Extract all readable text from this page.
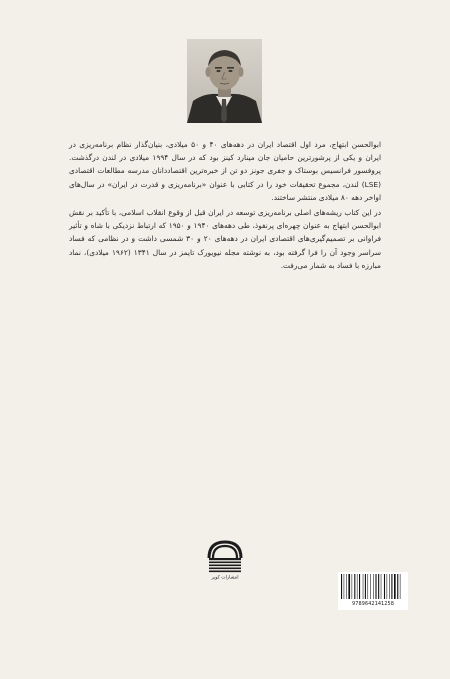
ابوالحسن ابتهاج، مرد اول اقتصاد ایران در دهه‌های ۴۰ و ۵۰ میلادی، بنیان‌گذار نظام برنامه‌ریزی در ایران و یکی از پرشورترین حامیان جان مینارد کینز بود که در سال ۱۹۹۴ میلادی در لندن درگذشت. پروفسور فرانسیس بوستاک و جفری جونز دو تن از خبره‌ترین اقتصاددانان مدرسه مطالعات اقتصادی (LSE) لندن، مجموع تحقیقات خود را در کتابی با عنوان «برنامه‌ریزی و قدرت در ایران» در سال‌های اواخر دهه ۸۰ میلادی منتشر ساختند.

در این کتاب ریشه‌های اصلی برنامه‌ریزی توسعه در ایران قبل از وقوع انقلاب اسلامی، با تأکید بر نقش ابوالحسن ابتهاج به عنوان چهره‌ای پرنفوذ، طی دهه‌های ۱۹۴۰ و ۱۹۵۰ که ارتباط نزدیکی با شاه و تأثیر فراوانی بر تصمیم‌گیری‌های اقتصادی ایران در دهه‌های ۲۰ و ۳۰ شمسی داشت و در نظامی که فساد سراسر وجود آن را فرا گرفته بود، به نوشته مجله نیویورک تایمز در سال ۱۳۴۱ (۱۹۶۲ میلادی)، نماد مبارزه با فساد به شمار می‌رفت.

انتشارات کویر
9789642141258
